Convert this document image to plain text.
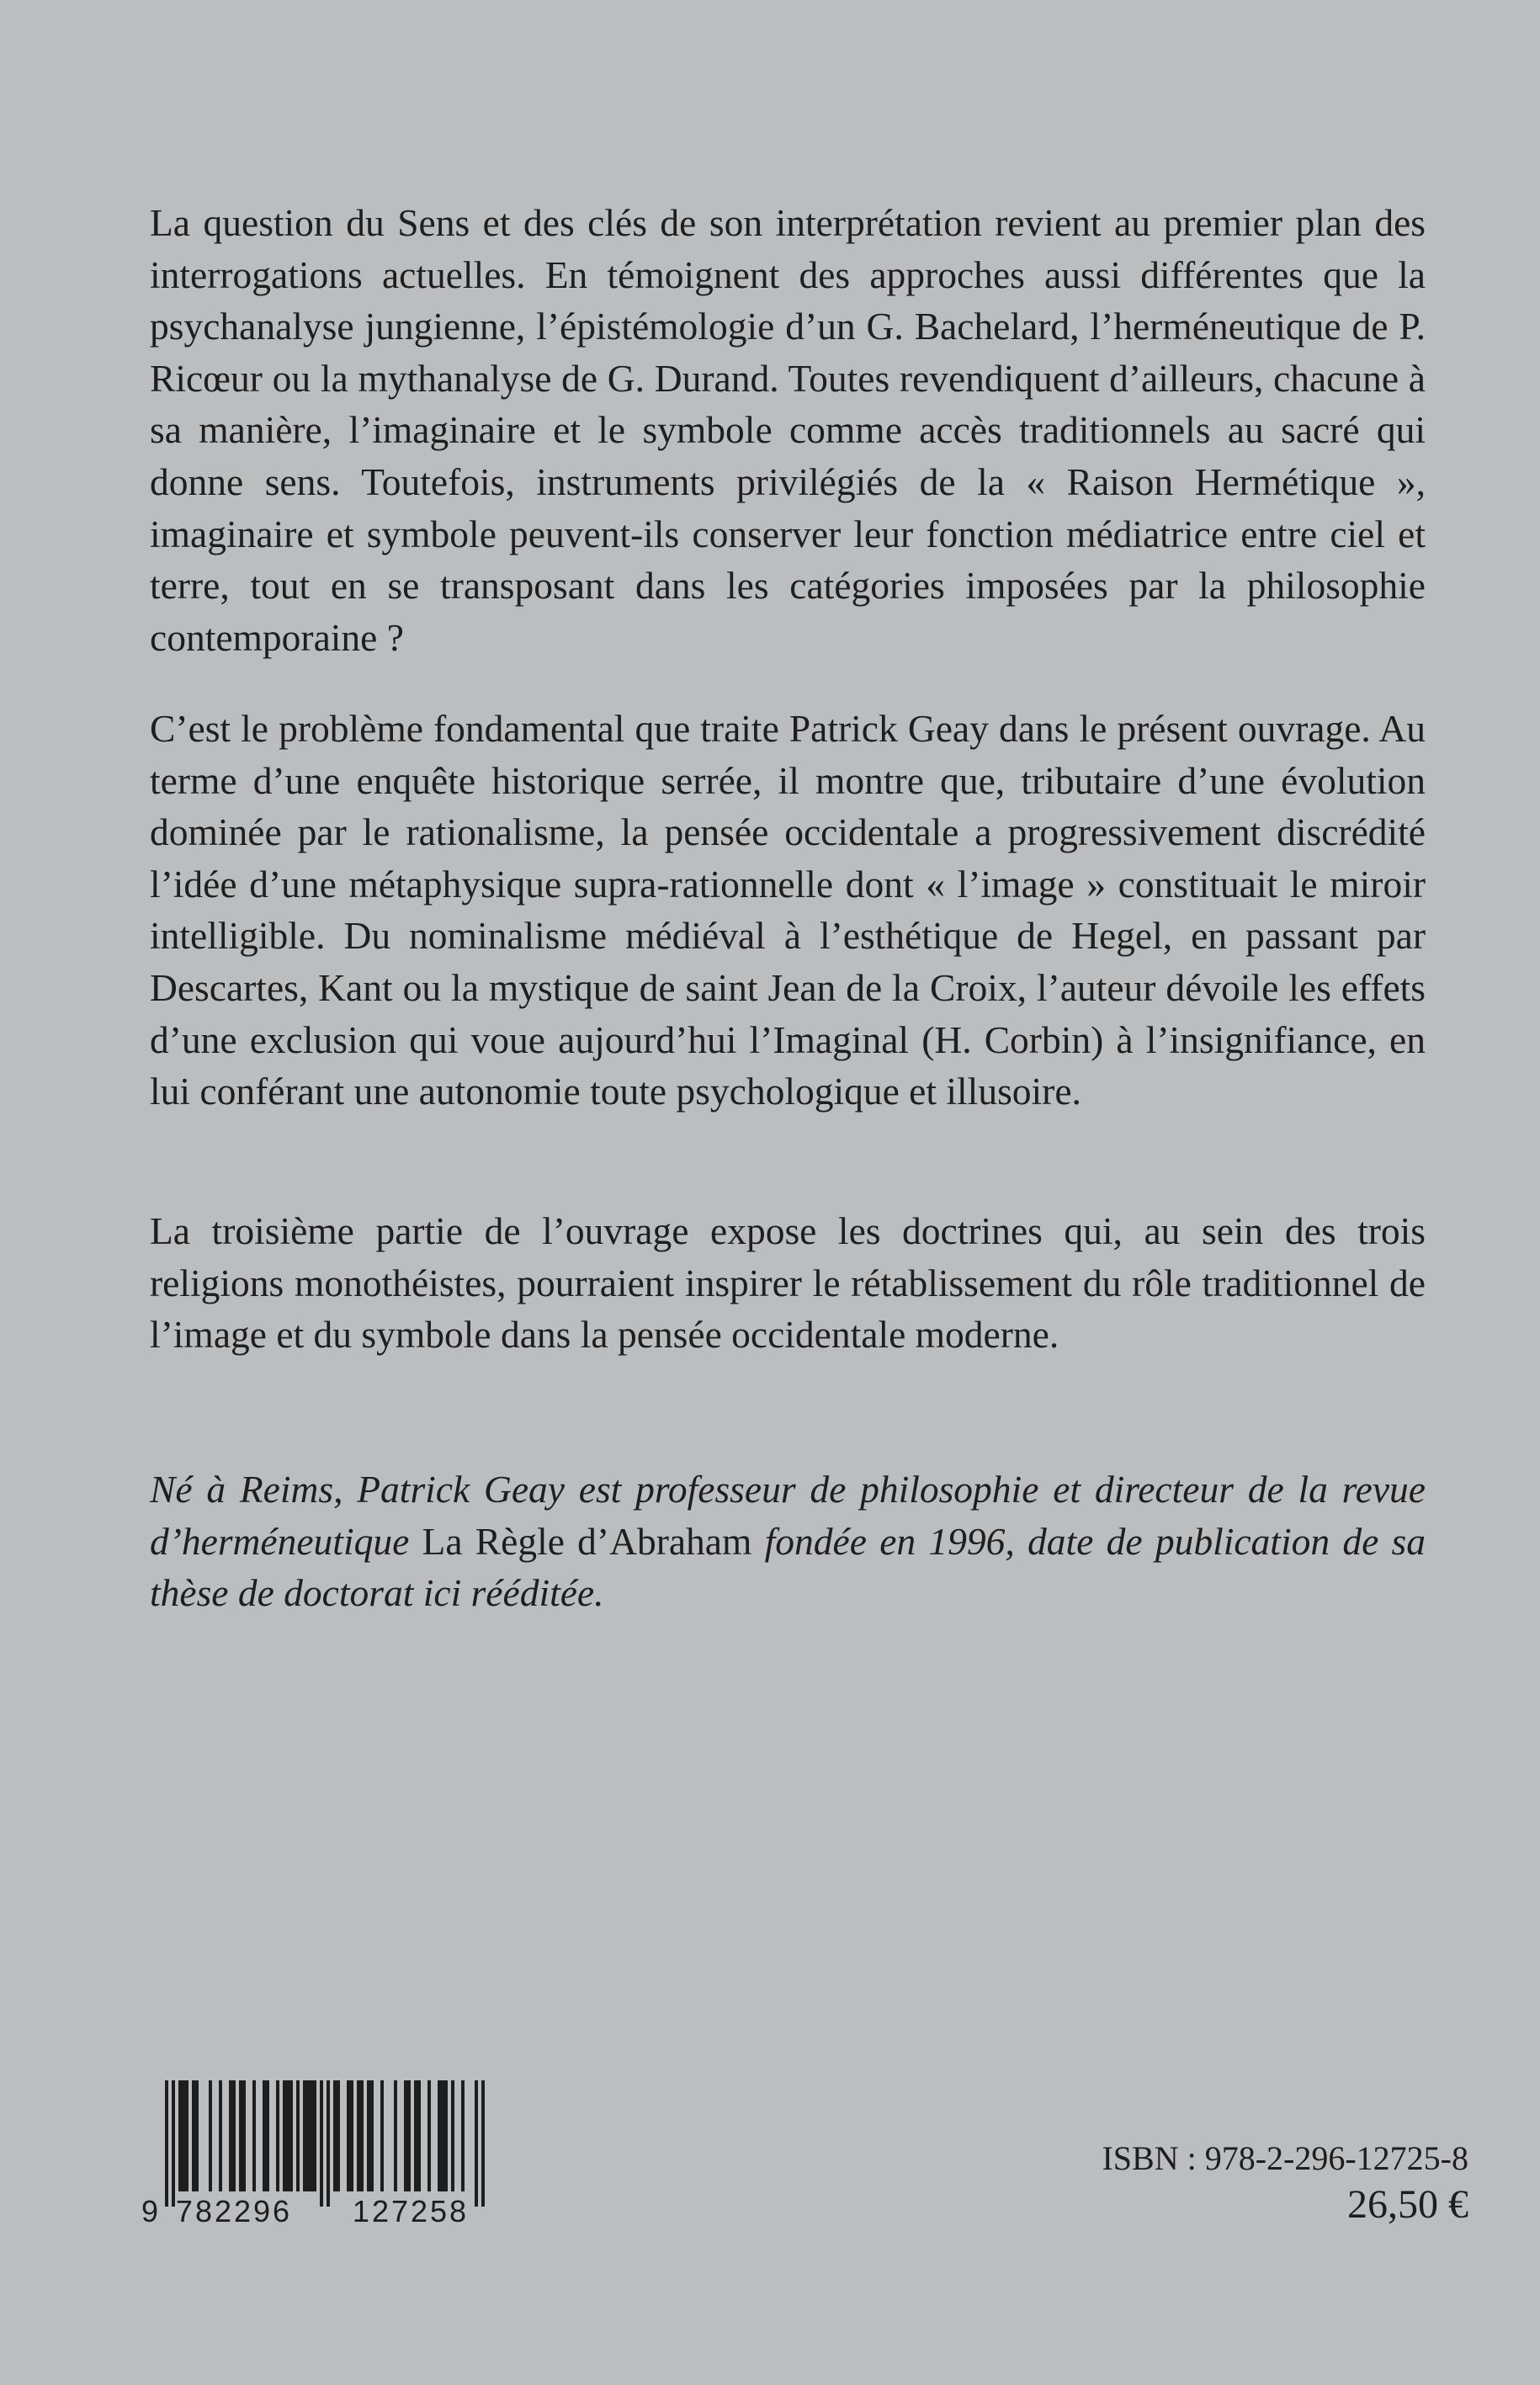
La question du Sens et des clés de son interprétation revient au premier plan des interrogations actuelles. En témoignent des approches aussi différentes que la psychanalyse jungienne, l’épistémologie d’un G. Bachelard, l’herméneutique de P. Ricœur ou la mythanalyse de G. Durand. Toutes revendiquent d’ailleurs, chacune à sa manière, l’imaginaire et le symbole comme accès traditionnels au sacré qui donne sens. Toutefois, instruments privilégiés de la « Raison Hermétique », imaginaire et symbole peuvent-ils conserver leur fonction médiatrice entre ciel et terre, tout en se transposant dans les catégories imposées par la philosophie contemporaine ?

C’est le problème fondamental que traite Patrick Geay dans le présent ouvrage. Au terme d’une enquête historique serrée, il montre que, tributaire d’une évolution dominée par le rationalisme, la pensée occidentale a progressivement discrédité l’idée d’une métaphysique supra-rationnelle dont « l’image » constituait le miroir intelligible. Du nominalisme médiéval à l’esthétique de Hegel, en passant par Descartes, Kant ou la mystique de saint Jean de la Croix, l’auteur dévoile les effets d’une exclusion qui voue aujourd’hui l’Imaginal (H. Corbin) à l’insignifiance, en lui conférant une autonomie toute psychologique et illusoire.

La troisième partie de l’ouvrage expose les doctrines qui, au sein des trois religions monothéistes, pourraient inspirer le rétablissement du rôle traditionnel de l’image et du symbole dans la pensée occidentale moderne.

Né à Reims, Patrick Geay est professeur de philosophie et directeur de la revue d’herméneutique La Règle d’Abraham fondée en 1996, date de publication de sa thèse de doctorat ici rééditée.

9 782296 127258
ISBN : 978-2-296-12725-8
26,50 €
